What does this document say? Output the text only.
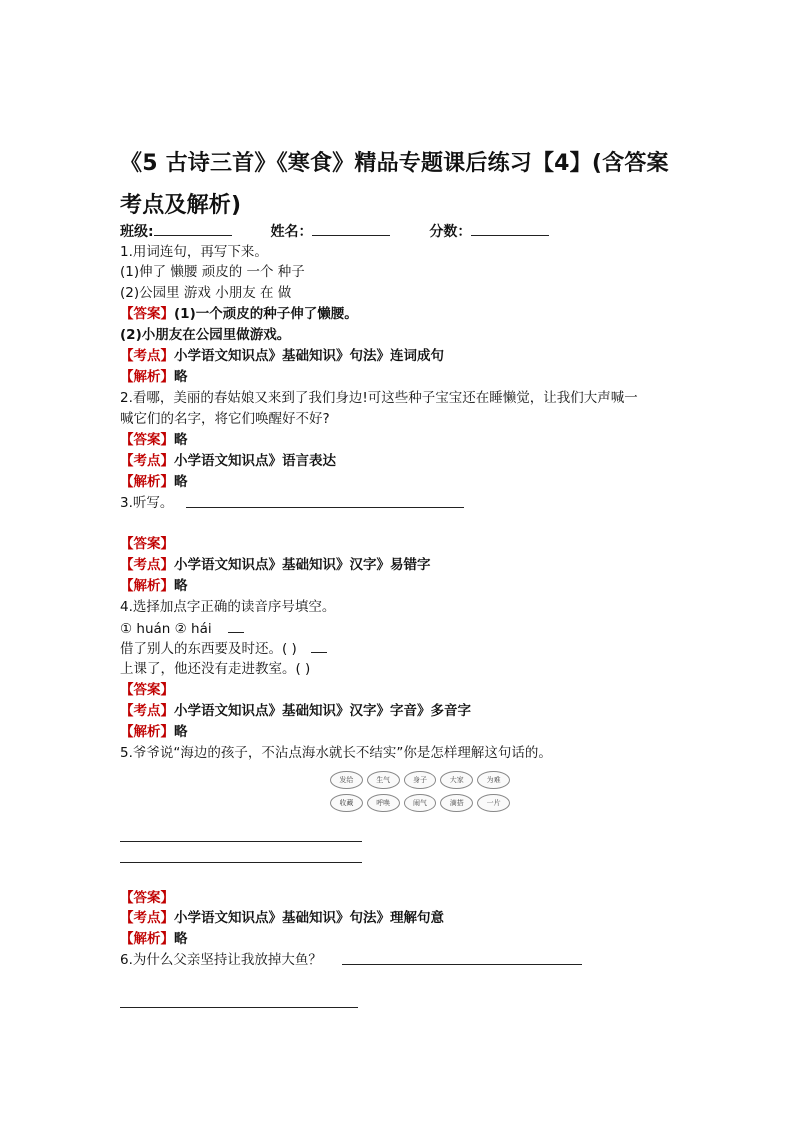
《5 古诗三首》《寒食》精品专题课后练习【4】(含答案考点及解析)
班级:	姓名：	分数：
1.用词连句，再写下来。
(1)伸了 懒腰 顽皮的 一个 种子
(2)公园里 游戏 小朋友 在 做
【答案】(1)一个顽皮的种子伸了懒腰。
(2)小朋友在公园里做游戏。
【考点】小学语文知识点》基础知识》句法》连词成句
【解析】略
2.看哪，美丽的春姑娘又来到了我们身边!可这些种子宝宝还在睡懒觉，让我们大声喊一
喊它们的名字，将它们唤醒好不好?
【答案】略
【考点】小学语文知识点》语言表达
【解析】略
3.听写。
【答案】
【考点】小学语文知识点》基础知识》汉字》易错字
【解析】略
4.选择加点字正确的读音序号填空。
① huán ② hái
借了别人的东西要及时还。( )
上课了，他还没有走进教室。( )
【答案】
【考点】小学语文知识点》基础知识》汉字》字音》多音字
【解析】略
5.爷爷说“海边的孩子，不沾点海水就长不结实”你是怎样理解这句话的。
发给	生气	身子	大家	为难
收藏	呼唤	闹气	滴搭	一片
【答案】
【考点】小学语文知识点》基础知识》句法》理解句意
【解析】略
6.为什么父亲坚持让我放掉大鱼？
